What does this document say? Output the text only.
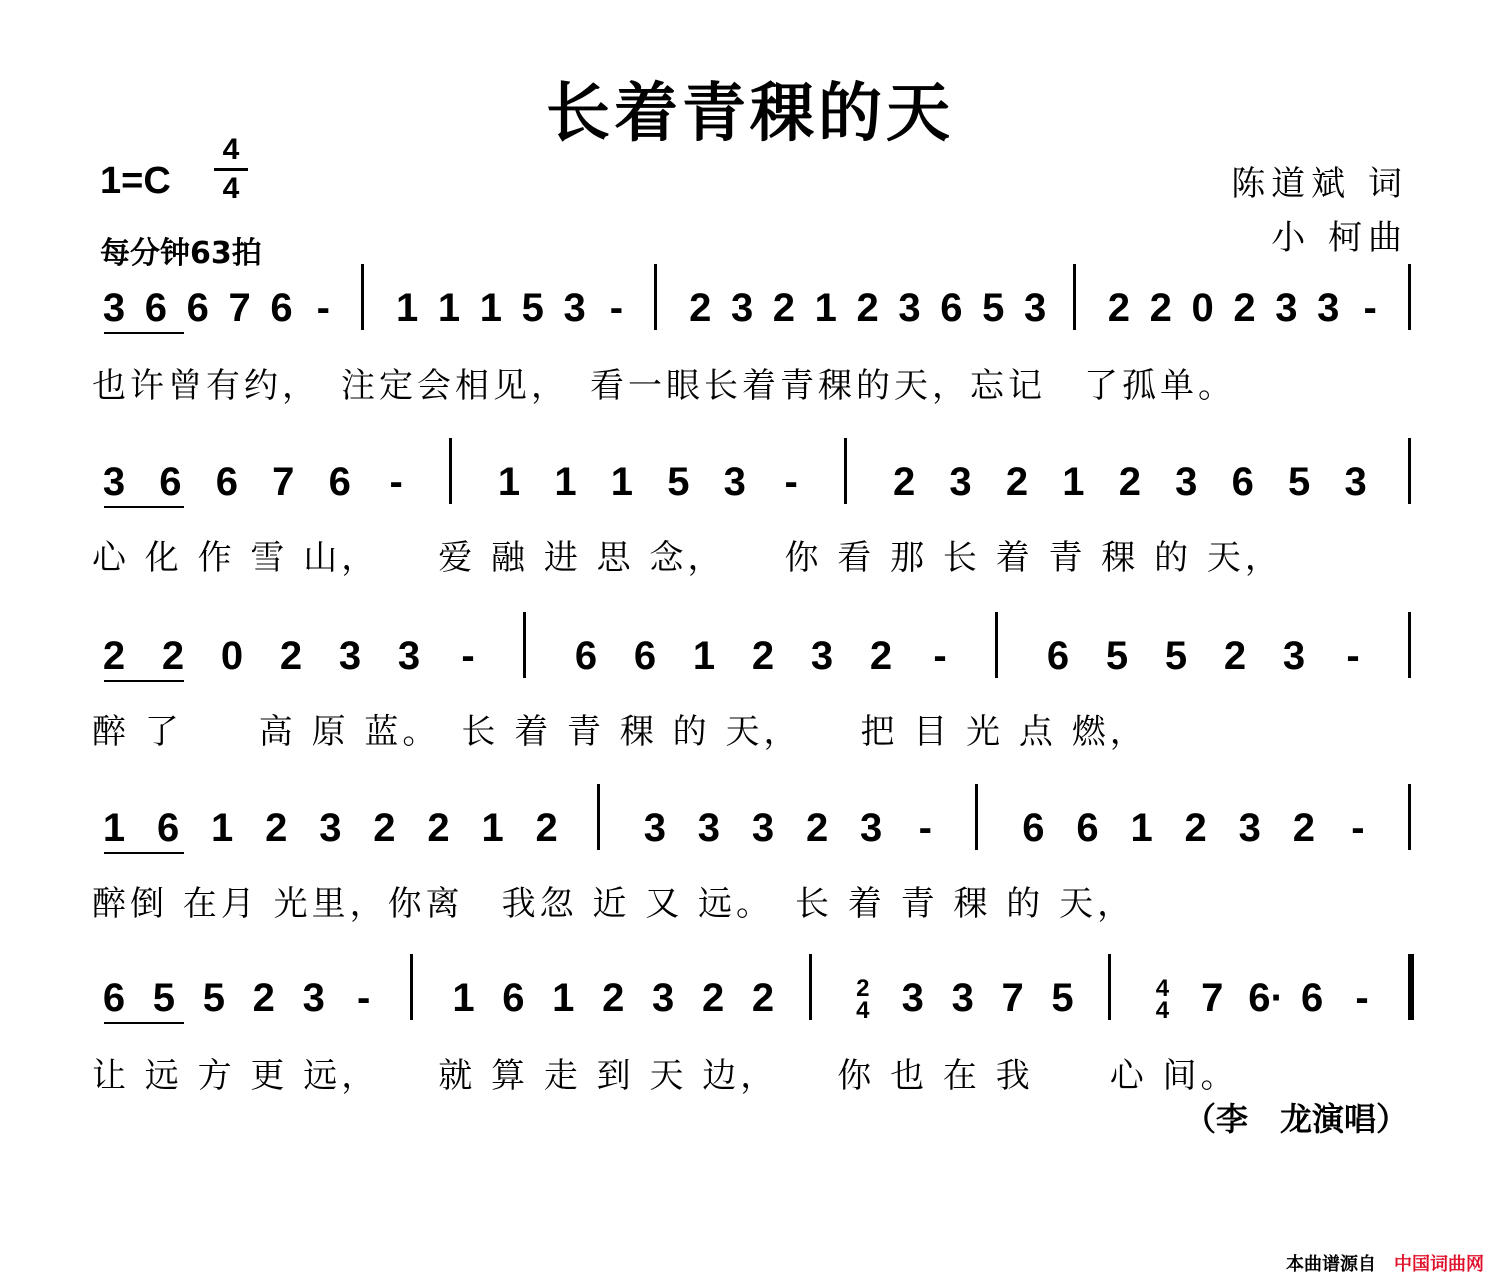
长着青稞的天
1=C
4
4
每分钟63拍
陈道斌 词
小 柯曲
3 6 6 7 6 - 1 1 1 5 3 - 2 3 2 1 2 3 6 5 3 2 2 0 2 3 3 -
也许曾有约，　注定会相见，　看一眼长着青稞的天，忘记　了孤单。
3 6 6 7 6 - 1 1 1 5 3 - 2 3 2 1 2 3 6 5 3
心 化 作 雪 山，　　爱 融 进 思 念，　　你 看 那 长 着 青 稞 的 天，
2 2 0 2 3 3 -	6 6 1 2 3 2 -	6 5 5 2 3 -
醉 了　　高 原 蓝。　长 着 青 稞 的 天，　　把 目 光 点 燃，
1 6 1 2 3 2 2 1 2 3 3 3 2 3 - 6 6 1 2 3 2 -
醉倒 在月 光里，你离　我忽 近 又 远。　长 着 青 稞 的 天，
6 5 5 2 3 - 1 6 1 2 3 2 2	2
4 3 3 7 5	4
4 7 6· 6 -
让 远 方 更 远，　　就 算 走 到 天 边，　　你 也 在 我　　心 间。
（李　龙演唱）
本曲谱源自 中国词曲网
